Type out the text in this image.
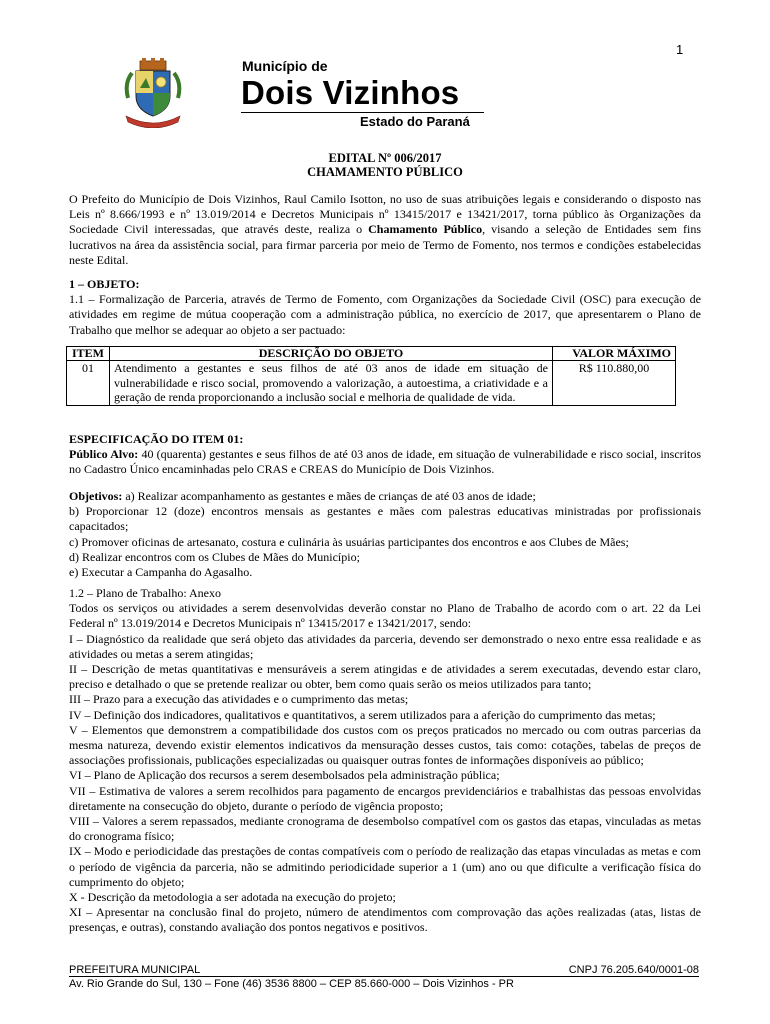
1
Município de
Dois Vizinhos
Estado do Paraná
EDITAL Nº 006/2017
CHAMAMENTO PÚBLICO

O Prefeito do Município de Dois Vizinhos, Raul Camilo Isotton, no uso de suas atribuições legais e considerando o disposto nas Leis nº 8.666/1993 e nº 13.019/2014 e Decretos Municipais nº 13415/2017 e 13421/2017, torna público às Organizações da Sociedade Civil interessadas, que através deste, realiza o Chamamento Público, visando a seleção de Entidades sem fins lucrativos na área da assistência social, para firmar parceria por meio de Termo de Fomento, nos termos e condições estabelecidas neste Edital.

1 – OBJETO:

1.1 – Formalização de Parceria, através de Termo de Fomento, com Organizações da Sociedade Civil (OSC) para execução de atividades em regime de mútua cooperação com a administração pública, no exercício de 2017, que apresentarem o Plano de Trabalho que melhor se adequar ao objeto a ser pactuado:

ITEM	DESCRIÇÃO DO OBJETO	VALOR MÁXIMO
01	Atendimento a gestantes e seus filhos de até 03 anos de idade em situação de vulnerabilidade e risco social, promovendo a valorização, a autoestima, a criatividade e a geração de renda proporcionando a inclusão social e melhoria de qualidade de vida.	R$ 110.880,00

ESPECIFICAÇÃO DO ITEM 01:

Público Alvo: 40 (quarenta) gestantes e seus filhos de até 03 anos de idade, em situação de vulnerabilidade e risco social, inscritos no Cadastro Único encaminhadas pelo CRAS e CREAS do Município de Dois Vizinhos.

Objetivos: a) Realizar acompanhamento as gestantes e mães de crianças de até 03 anos de idade;

b) Proporcionar 12 (doze) encontros mensais as gestantes e mães com palestras educativas ministradas por profissionais capacitados;

c) Promover oficinas de artesanato, costura e culinária às usuárias participantes dos encontros e aos Clubes de Mães;

d) Realizar encontros com os Clubes de Mães do Município;

e) Executar a Campanha do Agasalho.

1.2 – Plano de Trabalho: Anexo

Todos os serviços ou atividades a serem desenvolvidas deverão constar no Plano de Trabalho de acordo com o art. 22 da Lei Federal nº 13.019/2014 e Decretos Municipais nº 13415/2017 e 13421/2017, sendo:

I – Diagnóstico da realidade que será objeto das atividades da parceria, devendo ser demonstrado o nexo entre essa realidade e as atividades ou metas a serem atingidas;

II – Descrição de metas quantitativas e mensuráveis a serem atingidas e de atividades a serem executadas, devendo estar claro, preciso e detalhado o que se pretende realizar ou obter, bem como quais serão os meios utilizados para tanto;

III – Prazo para a execução das atividades e o cumprimento das metas;

IV – Definição dos indicadores, qualitativos e quantitativos, a serem utilizados para a aferição do cumprimento das metas;

V – Elementos que demonstrem a compatibilidade dos custos com os preços praticados no mercado ou com outras parcerias da mesma natureza, devendo existir elementos indicativos da mensuração desses custos, tais como: cotações, tabelas de preços de associações profissionais, publicações especializadas ou quaisquer outras fontes de informações disponíveis ao público;

VI – Plano de Aplicação dos recursos a serem desembolsados pela administração pública;

VII – Estimativa de valores a serem recolhidos para pagamento de encargos previdenciários e trabalhistas das pessoas envolvidas diretamente na consecução do objeto, durante o período de vigência proposto;

VIII – Valores a serem repassados, mediante cronograma de desembolso compatível com os gastos das etapas, vinculadas as metas do cronograma físico;

IX – Modo e periodicidade das prestações de contas compatíveis com o período de realização das etapas vinculadas as metas e com o período de vigência da parceria, não se admitindo periodicidade superior a 1 (um) ano ou que dificulte a verificação física do cumprimento do objeto;

X - Descrição da metodologia a ser adotada na execução do projeto;

XI – Apresentar na conclusão final do projeto, número de atendimentos com comprovação das ações realizadas (atas, listas de presenças, e outras), constando avaliação dos pontos negativos e positivos.

PREFEITURA MUNICIPAL	CNPJ 76.205.640/0001-08
Av. Rio Grande do Sul, 130 – Fone (46) 3536 8800 – CEP 85.660-000 – Dois Vizinhos - PR
